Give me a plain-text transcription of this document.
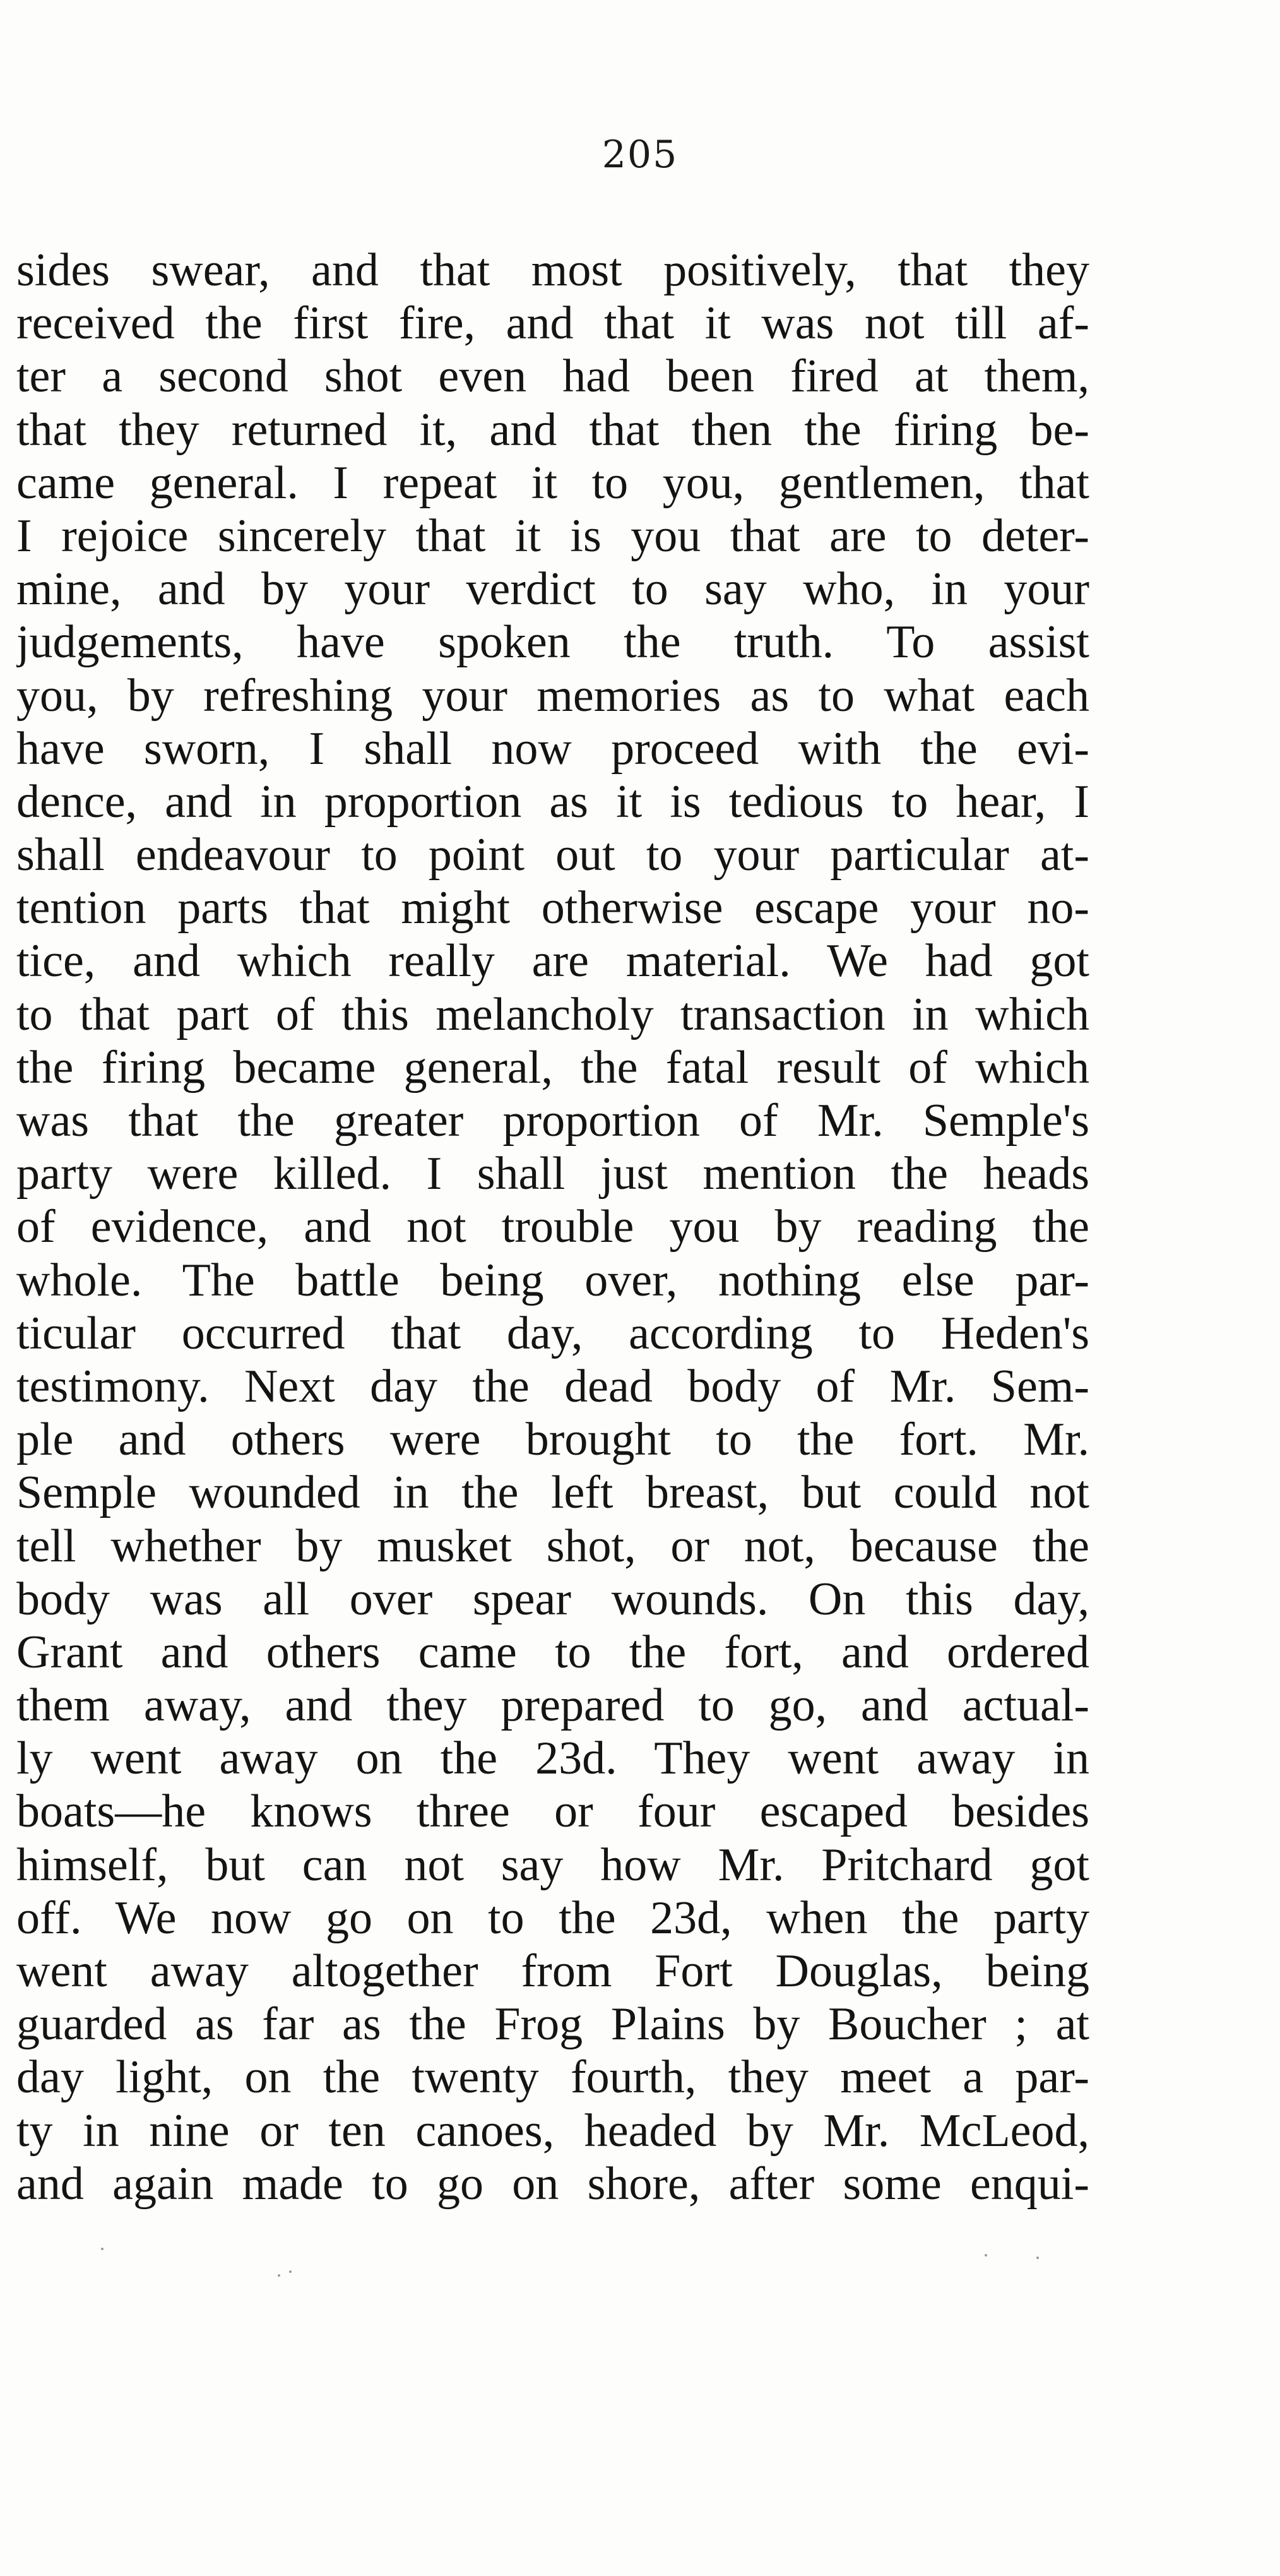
205
sides swear, and that most positively, that they
received the first fire, and that it was not till af-
ter a second shot even had been fired at them,
that they returned it, and that then the firing be-
came general. I repeat it to you, gentlemen, that
I rejoice sincerely that it is you that are to deter-
mine, and by your verdict to say who, in your
judgements, have spoken the truth. To assist
you, by refreshing your memories as to what each
have sworn, I shall now proceed with the evi-
dence, and in proportion as it is tedious to hear, I
shall endeavour to point out to your particular at-
tention parts that might otherwise escape your no-
tice, and which really are material. We had got
to that part of this melancholy transaction in which
the firing became general, the fatal result of which
was that the greater proportion of Mr. Semple's
party were killed. I shall just mention the heads
of evidence, and not trouble you by reading the
whole. The battle being over, nothing else par-
ticular occurred that day, according to Heden's
testimony. Next day the dead body of Mr. Sem-
ple and others were brought to the fort. Mr.
Semple wounded in the left breast, but could not
tell whether by musket shot, or not, because the
body was all over spear wounds. On this day,
Grant and others came to the fort, and ordered
them away, and they prepared to go, and actual-
ly went away on the 23d. They went away in
boats—he knows three or four escaped besides
himself, but can not say how Mr. Pritchard got
off. We now go on to the 23d, when the party
went away altogether from Fort Douglas, being
guarded as far as the Frog Plains by Boucher ; at
day light, on the twenty fourth, they meet a par-
ty in nine or ten canoes, headed by Mr. McLeod,
and again made to go on shore, after some enqui-
